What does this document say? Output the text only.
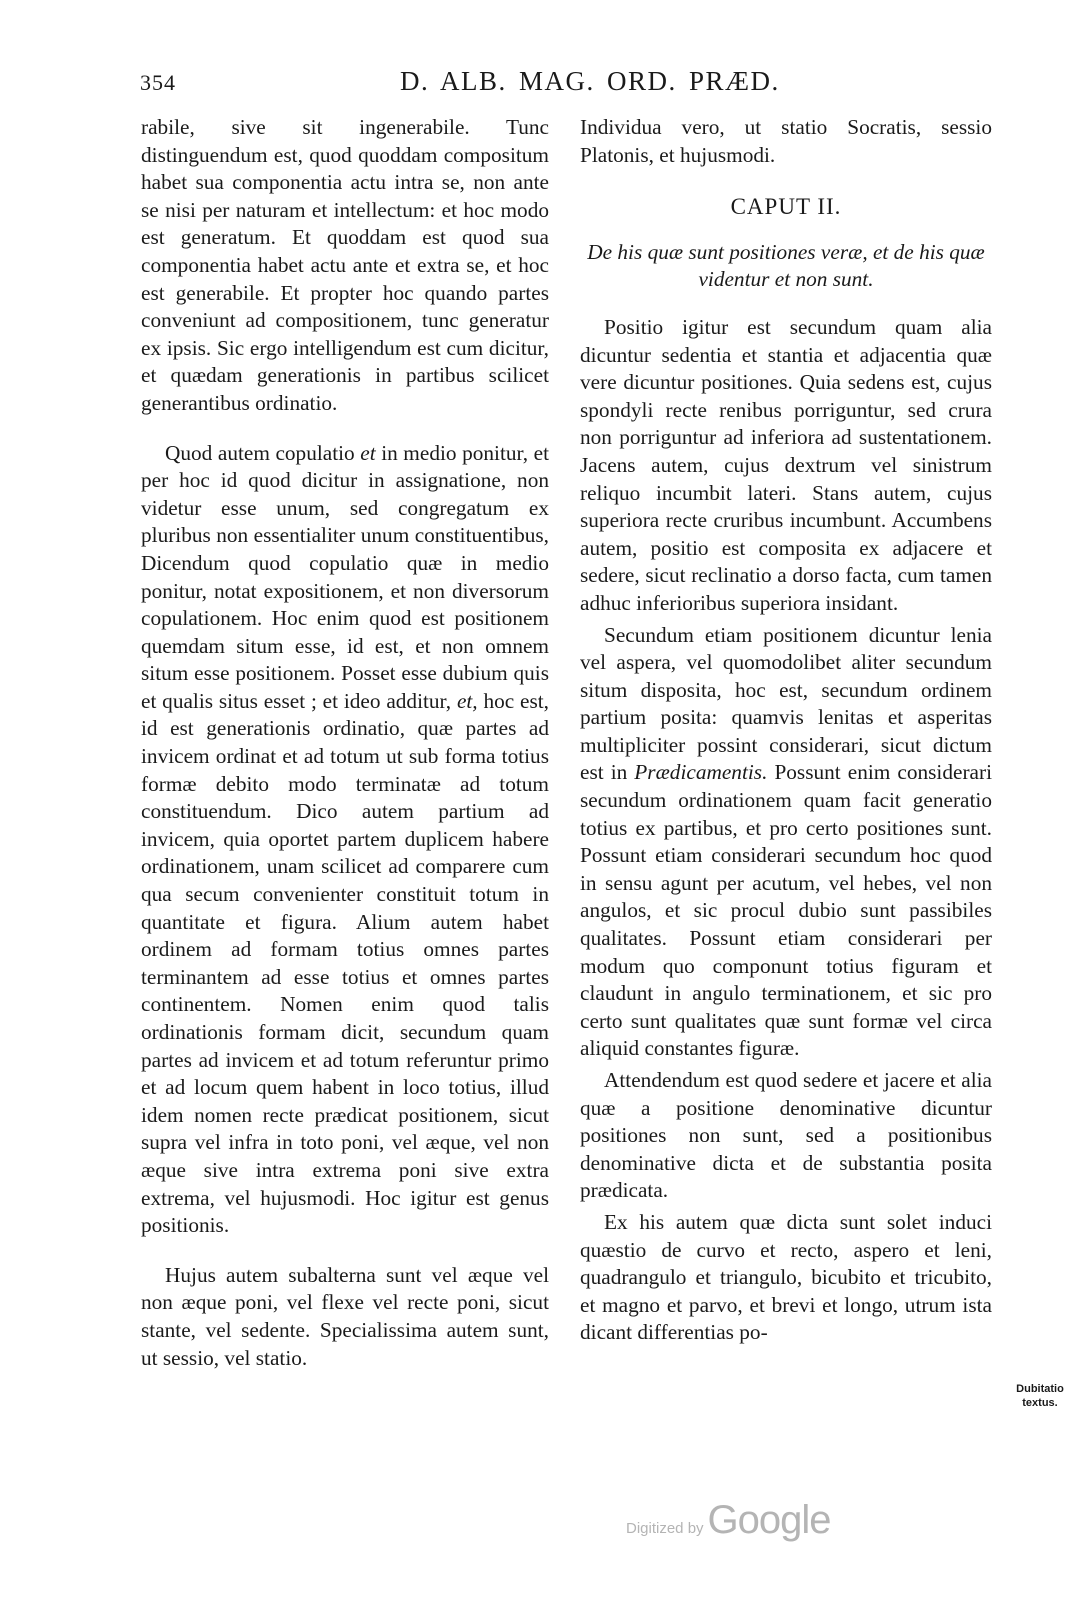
354	D. ALB. MAG. ORD. PRÆD.

rabile, sive sit ingenerabile. Tunc distinguendum est, quod quoddam compositum habet sua componentia actu intra se, non ante se nisi per naturam et intellectum: et hoc modo est generatum. Et quoddam est quod sua componentia habet actu ante et extra se, et hoc est generabile. Et propter hoc quando partes conveniunt ad compositionem, tunc generatur ex ipsis. Sic ergo intelligendum est cum dicitur, et quædam generationis in partibus scilicet generantibus ordinatio.

Quod autem copulatio et in medio ponitur, et per hoc id quod dicitur in assignatione, non videtur esse unum, sed congregatum ex pluribus non essentialiter unum constituentibus, Dicendum quod copulatio quæ in medio ponitur, notat expositionem, et non diversorum copulationem. Hoc enim quod est positionem quemdam situm esse, id est, et non omnem situm esse positionem. Posset esse dubium quis et qualis situs esset ; et ideo additur, et, hoc est, id est generationis ordinatio, quæ partes ad invicem ordinat et ad totum ut sub forma totius formæ debito modo terminatæ ad totum constituendum. Dico autem partium ad invicem, quia oportet partem duplicem habere ordinationem, unam scilicet ad comparere cum qua secum convenienter constituit totum in quantitate et figura. Alium autem habet ordinem ad formam totius omnes partes terminantem ad esse totius et omnes partes continentem. Nomen enim quod talis ordinationis formam dicit, secundum quam partes ad invicem et ad totum referuntur primo et ad locum quem habent in loco totius, illud idem nomen recte prædicat positionem, sicut supra vel infra in toto poni, vel æque, vel non æque sive intra extrema poni sive extra extrema, vel hujusmodi. Hoc igitur est genus positionis.

Hujus autem subalterna sunt vel æque vel non æque poni, vel flexe vel recte poni, sicut stante, vel sedente. Specialissima autem sunt, ut sessio, vel statio.

Individua vero, ut statio Socratis, sessio Platonis, et hujusmodi.

CAPUT II.
De his quæ sunt positiones veræ, et de his quæ videntur et non sunt.

Positio igitur est secundum quam alia dicuntur sedentia et stantia et adjacentia quæ vere dicuntur positiones. Quia sedens est, cujus spondyli recte renibus porriguntur, sed crura non porriguntur ad inferiora ad sustentationem. Jacens autem, cujus dextrum vel sinistrum reliquo incumbit lateri. Stans autem, cujus superiora recte cruribus incumbunt. Accumbens autem, positio est composita ex adjacere et sedere, sicut reclinatio a dorso facta, cum tamen adhuc inferioribus superiora insidant.

Secundum etiam positionem dicuntur lenia vel aspera, vel quomodolibet aliter secundum situm disposita, hoc est, secundum ordinem partium posita: quamvis lenitas et asperitas multipliciter possint considerari, sicut dictum est in Prædicamentis. Possunt enim considerari secundum ordinationem quam facit generatio totius ex partibus, et pro certo positiones sunt. Possunt etiam considerari secundum hoc quod in sensu agunt per acutum, vel hebes, vel non angulos, et sic procul dubio sunt passibiles qualitates. Possunt etiam considerari per modum quo componunt totius figuram et claudunt in angulo terminationem, et sic pro certo sunt qualitates quæ sunt formæ vel circa aliquid constantes figuræ.

Attendendum est quod sedere et jacere et alia quæ a positione denominative dicuntur positiones non sunt, sed a positionibus denominative dicta et de substantia posita prædicata.

Ex his autem quæ dicta sunt solet induci quæstio de curvo et recto, aspero et leni, quadrangulo et triangulo, bicubito et tricubito, et magno et parvo, et brevi et longo, utrum ista dicant differentias po-

Dubitatio
textus.
Digitized by Google
